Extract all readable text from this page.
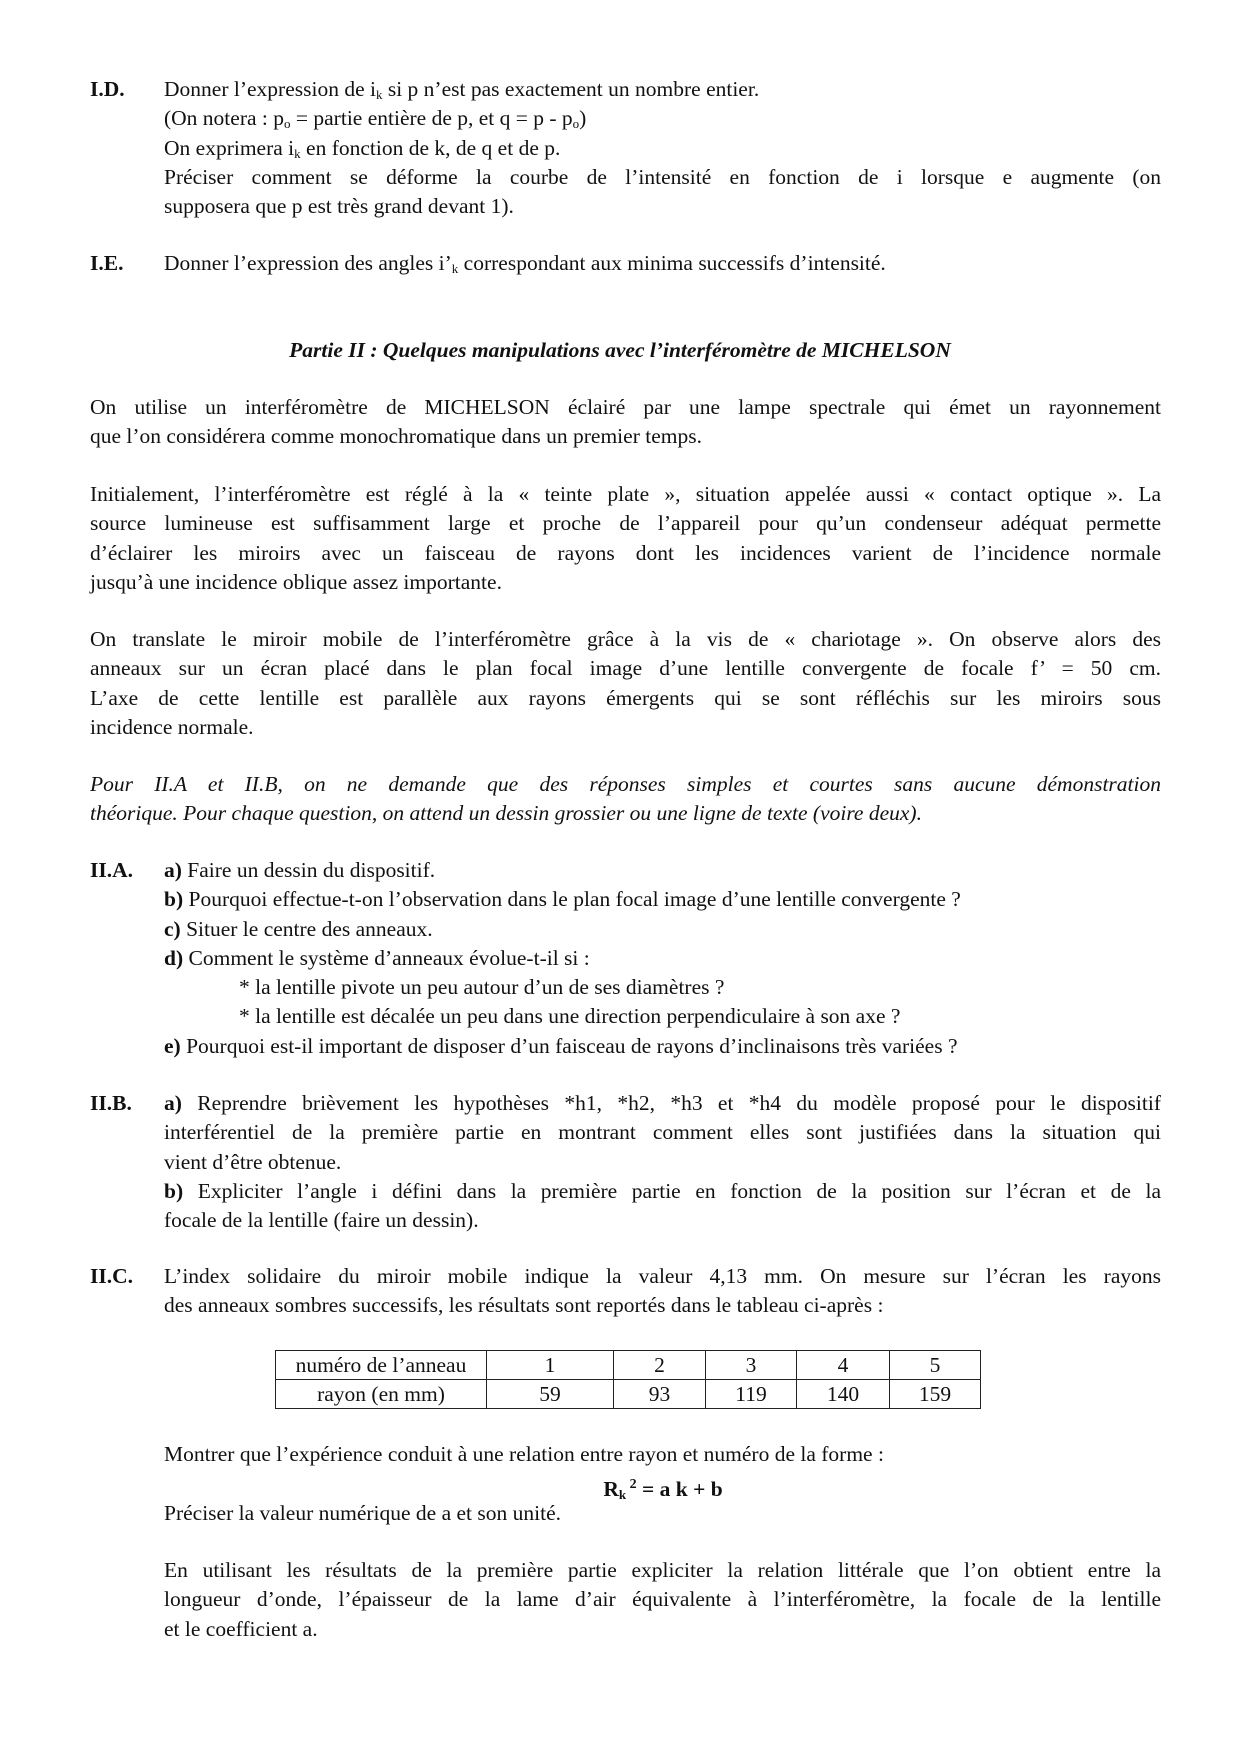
Partie II : Quelques manipulations avec l’interféromètre de MICHELSON
numéro de l’anneau	1	2	3	4	5
rayon (en mm)	59	93	119	140	159
$R_k$ $^2$ = a k + b
I.D. Donner l’expression de $i_k$ si p n’est pas exactement un nombre entier.
(On notera : $p_o$ = partie entière de p, et $q = p - p_o$)
On exprimera $i_k$ en fonction de k, de q et de p.
Préciser comment se déforme la courbe de l’intensité en fonction de i lorsque e augmente (on
supposera que p est très grand devant 1).
I.E. Donner l’expression des angles $i’_k$ correspondant aux minima successifs d’intensité.
On utilise un interféromètre de MICHELSON éclairé par une lampe spectrale qui émet un rayonnement
que l’on considérera comme monochromatique dans un premier temps.
Initialement, l’interféromètre est réglé à la « teinte plate », situation appelée aussi « contact optique ». La
source lumineuse est suffisamment large et proche de l’appareil pour qu’un condenseur adéquat permette
d’éclairer les miroirs avec un faisceau de rayons dont les incidences varient de l’incidence normale
jusqu’à une incidence oblique assez importante.
On translate le miroir mobile de l’interféromètre grâce à la vis de « chariotage ». On observe alors des
anneaux sur un écran placé dans le plan focal image d’une lentille convergente de focale f’ = 50 cm.
L’axe de cette lentille est parallèle aux rayons émergents qui se sont réfléchis sur les miroirs sous
incidence normale.
Pour II.A et II.B, on ne demande que des réponses simples et courtes sans aucune démonstration
théorique. Pour chaque question, on attend un dessin grossier ou une ligne de texte (voire deux).
II.A. a) Faire un dessin du dispositif.
b) Pourquoi effectue-t-on l’observation dans le plan focal image d’une lentille convergente ?
c) Situer le centre des anneaux.
d) Comment le système d’anneaux évolue-t-il si :
* la lentille pivote un peu autour d’un de ses diamètres ?
* la lentille est décalée un peu dans une direction perpendiculaire à son axe ?
e) Pourquoi est-il important de disposer d’un faisceau de rayons d’inclinaisons très variées ?
II.B. a) Reprendre brièvement les hypothèses *h1, *h2, *h3 et *h4 du modèle proposé pour le dispositif
interférentiel de la première partie en montrant comment elles sont justifiées dans la situation qui
vient d’être obtenue.
b) Expliciter l’angle i défini dans la première partie en fonction de la position sur l’écran et de la
focale de la lentille (faire un dessin).
II.C. L’index solidaire du miroir mobile indique la valeur 4,13 mm. On mesure sur l’écran les rayons
des anneaux sombres successifs, les résultats sont reportés dans le tableau ci-après :
Montrer que l’expérience conduit à une relation entre rayon et numéro de la forme :
Préciser la valeur numérique de a et son unité.
En utilisant les résultats de la première partie expliciter la relation littérale que l’on obtient entre la
longueur d’onde, l’épaisseur de la lame d’air équivalente à l’interféromètre, la focale de la lentille
et le coefficient a.
